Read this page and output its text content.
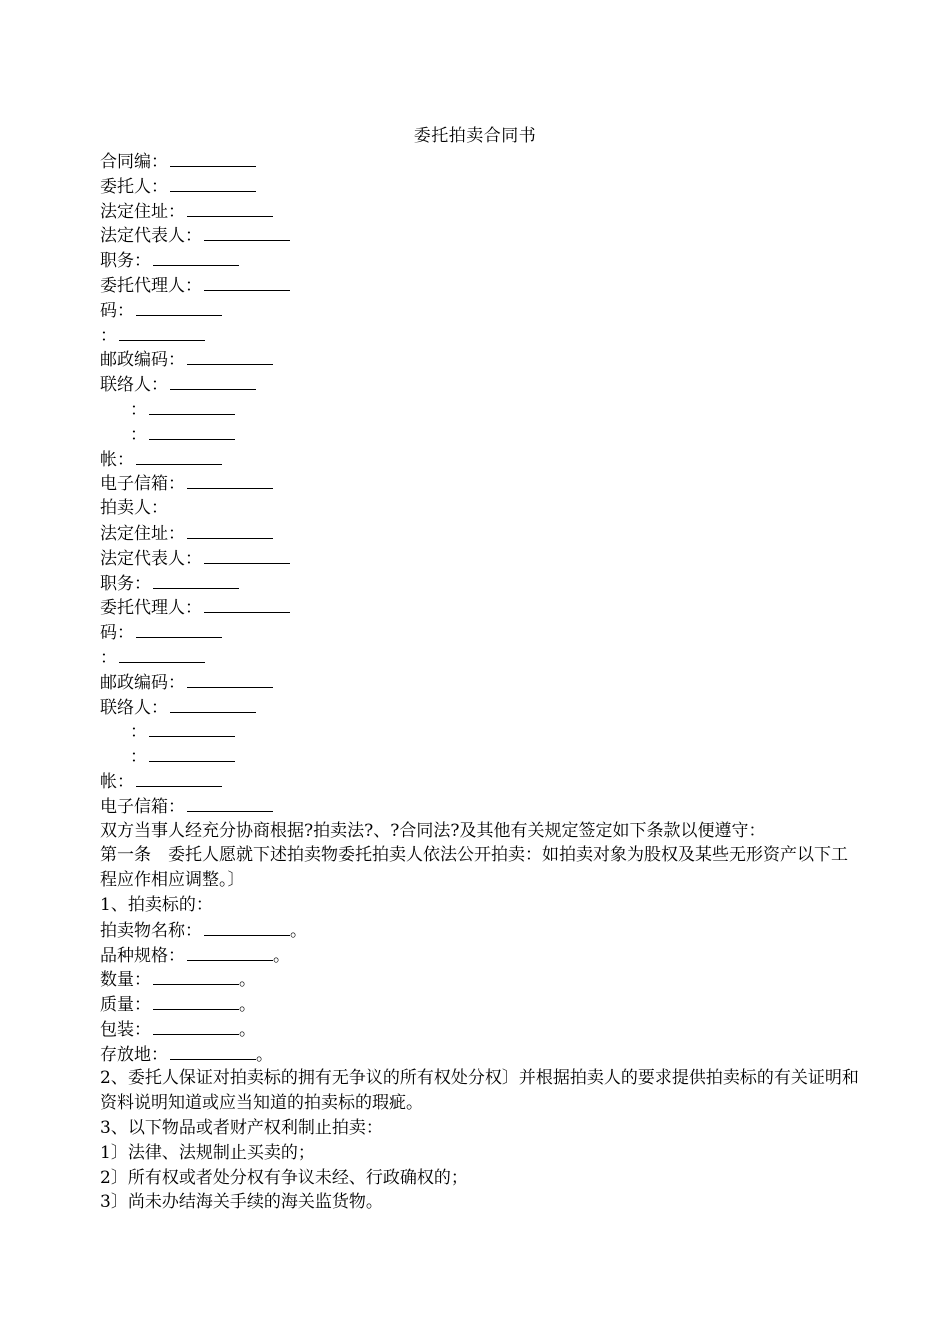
委托拍卖合同书
合同编：
委托人：
法定住址：
法定代表人：
职务：
委托代理人：
码：
：
邮政编码：
联络人：
：
：
帐：
电子信箱：
拍卖人：
法定住址：
法定代表人：
职务：
委托代理人：
码：
：
邮政编码：
联络人：
：
：
帐：
电子信箱：
双方当事人经充分协商根据?拍卖法?、?合同法?及其他有关规定签定如下条款以便遵守：
第一条　委托人愿就下述拍卖物委托拍卖人依法公开拍卖：如拍卖对象为股权及某些无形资产以下工程应作相应调整。〕
1、拍卖标的：
拍卖物名称：	。
品种规格：	。
数量：	。
质量：	。
包装：	。
存放地：	。
2、委托人保证对拍卖标的拥有无争议的所有权处分权〕并根据拍卖人的要求提供拍卖标的有关证明和资料说明知道或应当知道的拍卖标的瑕疵。
3、以下物品或者财产权利制止拍卖：
1〕法律、法规制止买卖的；
2〕所有权或者处分权有争议未经、行政确权的；
3〕尚未办结海关手续的海关监货物。
